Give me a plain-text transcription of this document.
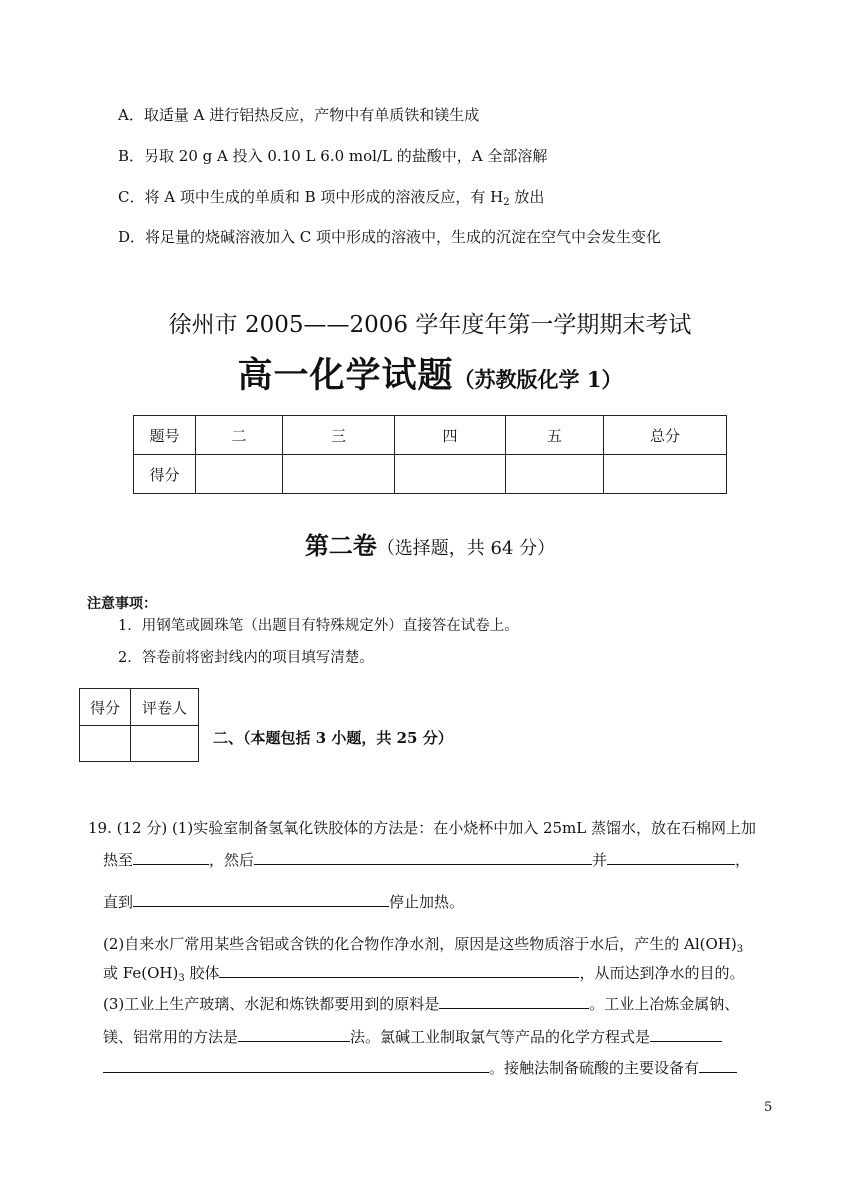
A．取适量 A 进行铝热反应，产物中有单质铁和镁生成
B．另取 20 g A 投入 0.10 L 6.0 mol/L 的盐酸中，A 全部溶解
C．将 A 项中生成的单质和 B 项中形成的溶液反应，有 $H_2$ 放出
D．将足量的烧碱溶液加入 C 项中形成的溶液中，生成的沉淀在空气中会发生变化
徐州市 2005——2006 学年度年第一学期期末考试
高一化学试题（苏教版化学 1）
题号	二	三	四	五	总分
得分					
第二卷（选择题，共 64 分）
注意事项：
1．用钢笔或圆珠笔（出题目有特殊规定外）直接答在试卷上。
2．答卷前将密封线内的项目填写清楚。
得分	评卷人

二、（本题包括 3 小题，共 25 分）
19. (12 分) (1)实验室制备氢氧化铁胶体的方法是：在小烧杯中加入 25mL 蒸馏水，放在石棉网上加
热至	，然后	并	，
直到	停止加热。
(2)自来水厂常用某些含铝或含铁的化合物作净水剂，原因是这些物质溶于水后，产生的 $Al(OH)_3$
或 $Fe(OH)_3$ 胶体	，从而达到净水的目的。
(3)工业上生产玻璃、水泥和炼铁都要用到的原料是	。工业上冶炼金属钠、
镁、铝常用的方法是	法。氯碱工业制取氯气等产品的化学方程式是
。接触法制备硫酸的主要设备有
5
